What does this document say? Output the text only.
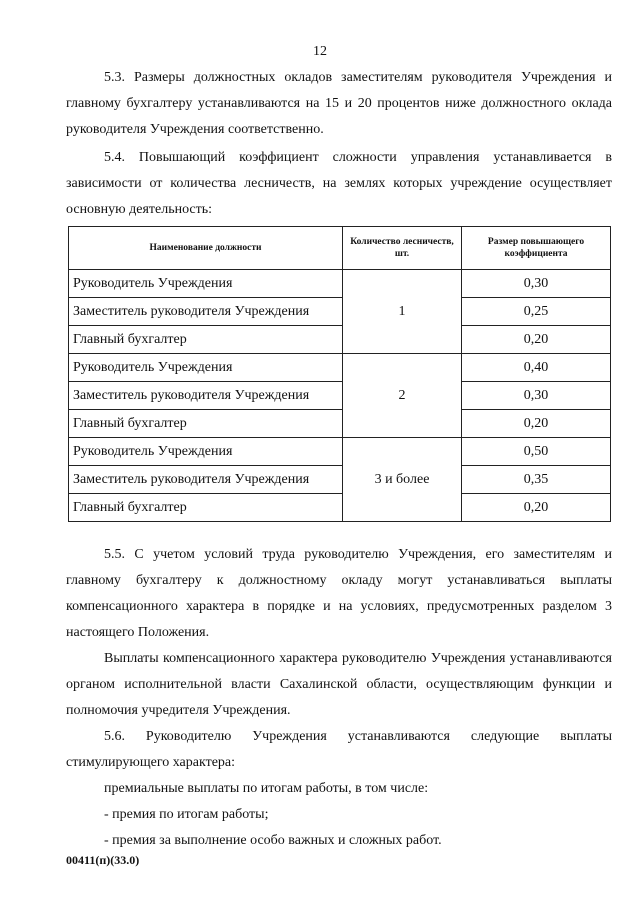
12
5.3. Размеры должностных окладов заместителям руководителя Учреждения и главному бухгалтеру устанавливаются на 15 и 20 процентов ниже должностного оклада руководителя Учреждения соответственно.
5.4. Повышающий коэффициент сложности управления устанавливается в зависимости от количества лесничеств, на землях которых учреждение осуществляет основную деятельность:
Наименование должности	Количество лесничеств, шт.	Размер повышающего коэффициента
Руководитель Учреждения	1	0,30
Заместитель руководителя Учреждения		0,25
Главный бухгалтер		0,20
Руководитель Учреждения	2	0,40
Заместитель руководителя Учреждения		0,30
Главный бухгалтер		0,20
Руководитель Учреждения	3 и более	0,50
Заместитель руководителя Учреждения		0,35
Главный бухгалтер		0,20
5.5. С учетом условий труда руководителю Учреждения, его заместителям и главному бухгалтеру к должностному окладу могут устанавливаться выплаты компенсационного характера в порядке и на условиях, предусмотренных разделом 3 настоящего Положения.
Выплаты компенсационного характера руководителю Учреждения устанавливаются органом исполнительной власти Сахалинской области, осуществляющим функции и полномочия учредителя Учреждения.
5.6. Руководителю Учреждения устанавливаются следующие выплаты стимулирующего характера:
премиальные выплаты по итогам работы, в том числе:
- премия по итогам работы;
- премия за выполнение особо важных и сложных работ.
00411(п)(33.0)
